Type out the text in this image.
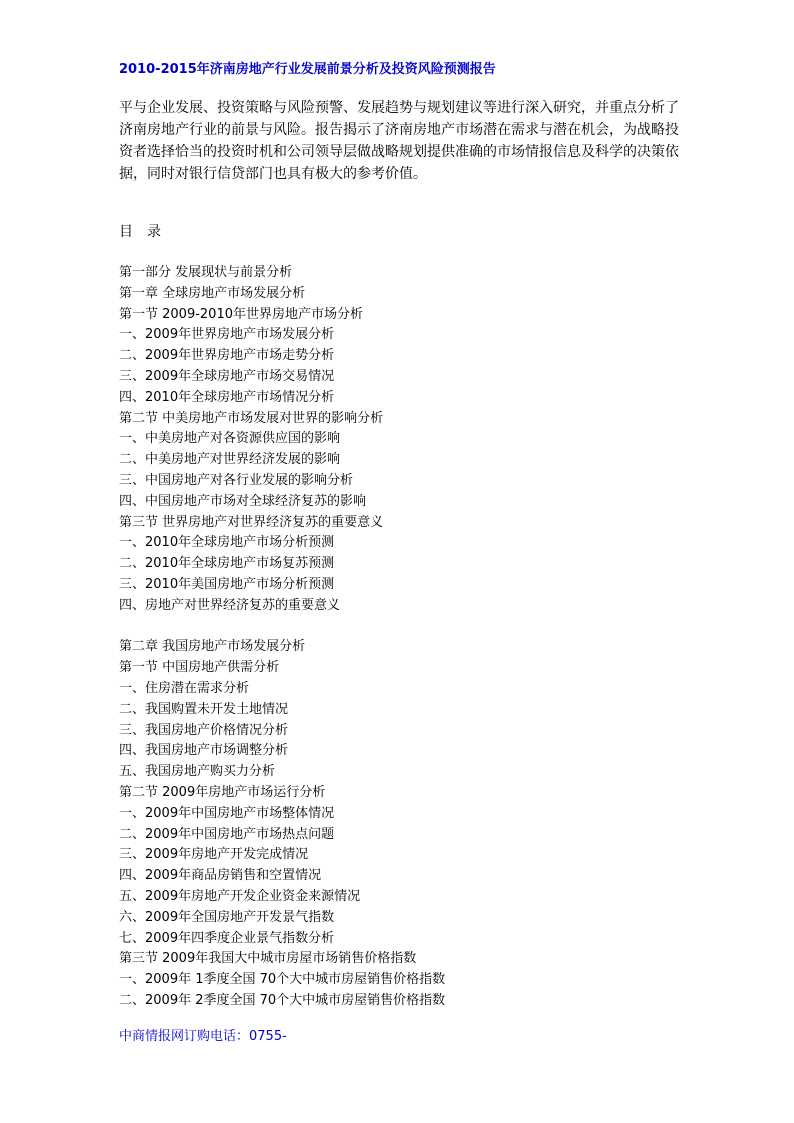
2010-2015年济南房地产行业发展前景分析及投资风险预测报告
平与企业发展、投资策略与风险预警、发展趋势与规划建议等进行深入研究，并重点分析了济南房地产行业的前景与风险。报告揭示了济南房地产市场潜在需求与潜在机会，为战略投资者选择恰当的投资时机和公司领导层做战略规划提供准确的市场情报信息及科学的决策依据，同时对银行信贷部门也具有极大的参考价值。
目　录
第一部分 发展现状与前景分析
第一章 全球房地产市场发展分析
第一节 2009-2010年世界房地产市场分析
一、2009年世界房地产市场发展分析
二、2009年世界房地产市场走势分析
三、2009年全球房地产市场交易情况
四、2010年全球房地产市场情况分析
第二节 中美房地产市场发展对世界的影响分析
一、中美房地产对各资源供应国的影响
二、中美房地产对世界经济发展的影响
三、中国房地产对各行业发展的影响分析
四、中国房地产市场对全球经济复苏的影响
第三节 世界房地产对世界经济复苏的重要意义
一、2010年全球房地产市场分析预测
二、2010年全球房地产市场复苏预测
三、2010年美国房地产市场分析预测
四、房地产对世界经济复苏的重要意义
第二章 我国房地产市场发展分析
第一节 中国房地产供需分析
一、住房潜在需求分析
二、我国购置未开发土地情况
三、我国房地产价格情况分析
四、我国房地产市场调整分析
五、我国房地产购买力分析
第二节 2009年房地产市场运行分析
一、2009年中国房地产市场整体情况
二、2009年中国房地产市场热点问题
三、2009年房地产开发完成情况
四、2009年商品房销售和空置情况
五、2009年房地产开发企业资金来源情况
六、2009年全国房地产开发景气指数
七、2009年四季度企业景气指数分析
第三节 2009年我国大中城市房屋市场销售价格指数
一、2009年 1季度全国 70个大中城市房屋销售价格指数
二、2009年 2季度全国 70个大中城市房屋销售价格指数
中商情报网订购电话：0755-
